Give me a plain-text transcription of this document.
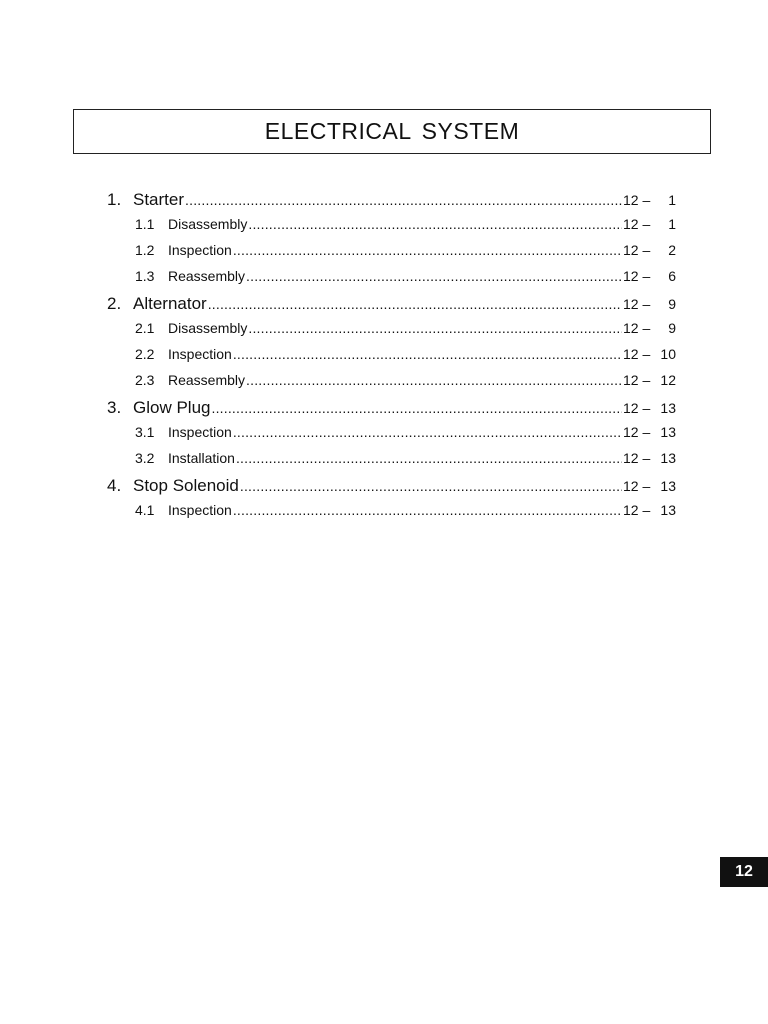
ELECTRICAL SYSTEM
1. Starter .....	12 – 1
1.1 Disassembly .....	12 – 1
1.2 Inspection .....	12 – 2
1.3 Reassembly .....	12 – 6
2. Alternator .....	12 – 9
2.1 Disassembly .....	12 – 9
2.2 Inspection .....	12 – 10
2.3 Reassembly .....	12 – 12
3. Glow Plug .....	12 – 13
3.1 Inspection .....	12 – 13
3.2 Installation .....	12 – 13
4. Stop Solenoid .....	12 – 13
4.1 Inspection .....	12 – 13
12
